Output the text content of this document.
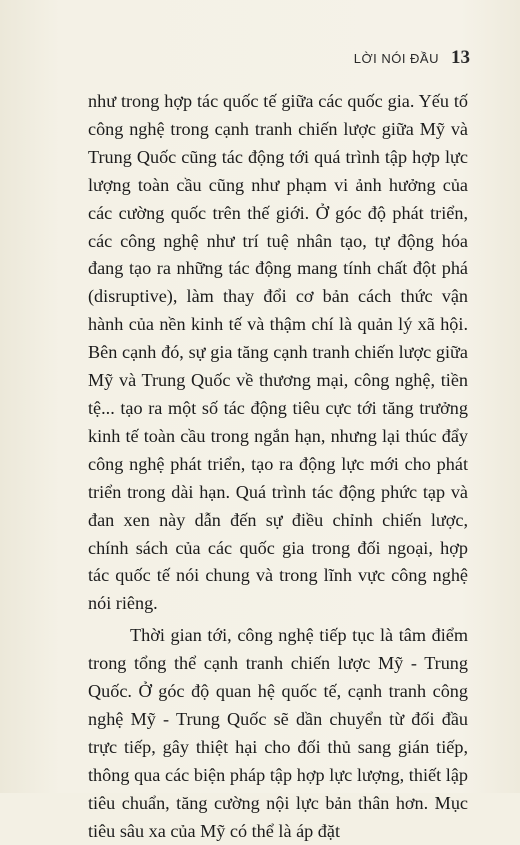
LỜI NÓI ĐẦU 13

như trong hợp tác quốc tế giữa các quốc gia. Yếu tố công nghệ trong cạnh tranh chiến lược giữa Mỹ và Trung Quốc cũng tác động tới quá trình tập hợp lực lượng toàn cầu cũng như phạm vi ảnh hưởng của các cường quốc trên thế giới. Ở góc độ phát triển, các công nghệ như trí tuệ nhân tạo, tự động hóa đang tạo ra những tác động mang tính chất đột phá (disruptive), làm thay đổi cơ bản cách thức vận hành của nền kinh tế và thậm chí là quản lý xã hội. Bên cạnh đó, sự gia tăng cạnh tranh chiến lược giữa Mỹ và Trung Quốc về thương mại, công nghệ, tiền tệ... tạo ra một số tác động tiêu cực tới tăng trưởng kinh tế toàn cầu trong ngắn hạn, nhưng lại thúc đẩy công nghệ phát triển, tạo ra động lực mới cho phát triển trong dài hạn. Quá trình tác động phức tạp và đan xen này dẫn đến sự điều chỉnh chiến lược, chính sách của các quốc gia trong đối ngoại, hợp tác quốc tế nói chung và trong lĩnh vực công nghệ nói riêng.

Thời gian tới, công nghệ tiếp tục là tâm điểm trong tổng thể cạnh tranh chiến lược Mỹ - Trung Quốc. Ở góc độ quan hệ quốc tế, cạnh tranh công nghệ Mỹ - Trung Quốc sẽ dần chuyển từ đối đầu trực tiếp, gây thiệt hại cho đối thủ sang gián tiếp, thông qua các biện pháp tập hợp lực lượng, thiết lập tiêu chuẩn, tăng cường nội lực bản thân hơn. Mục tiêu sâu xa của Mỹ có thể là áp đặt
